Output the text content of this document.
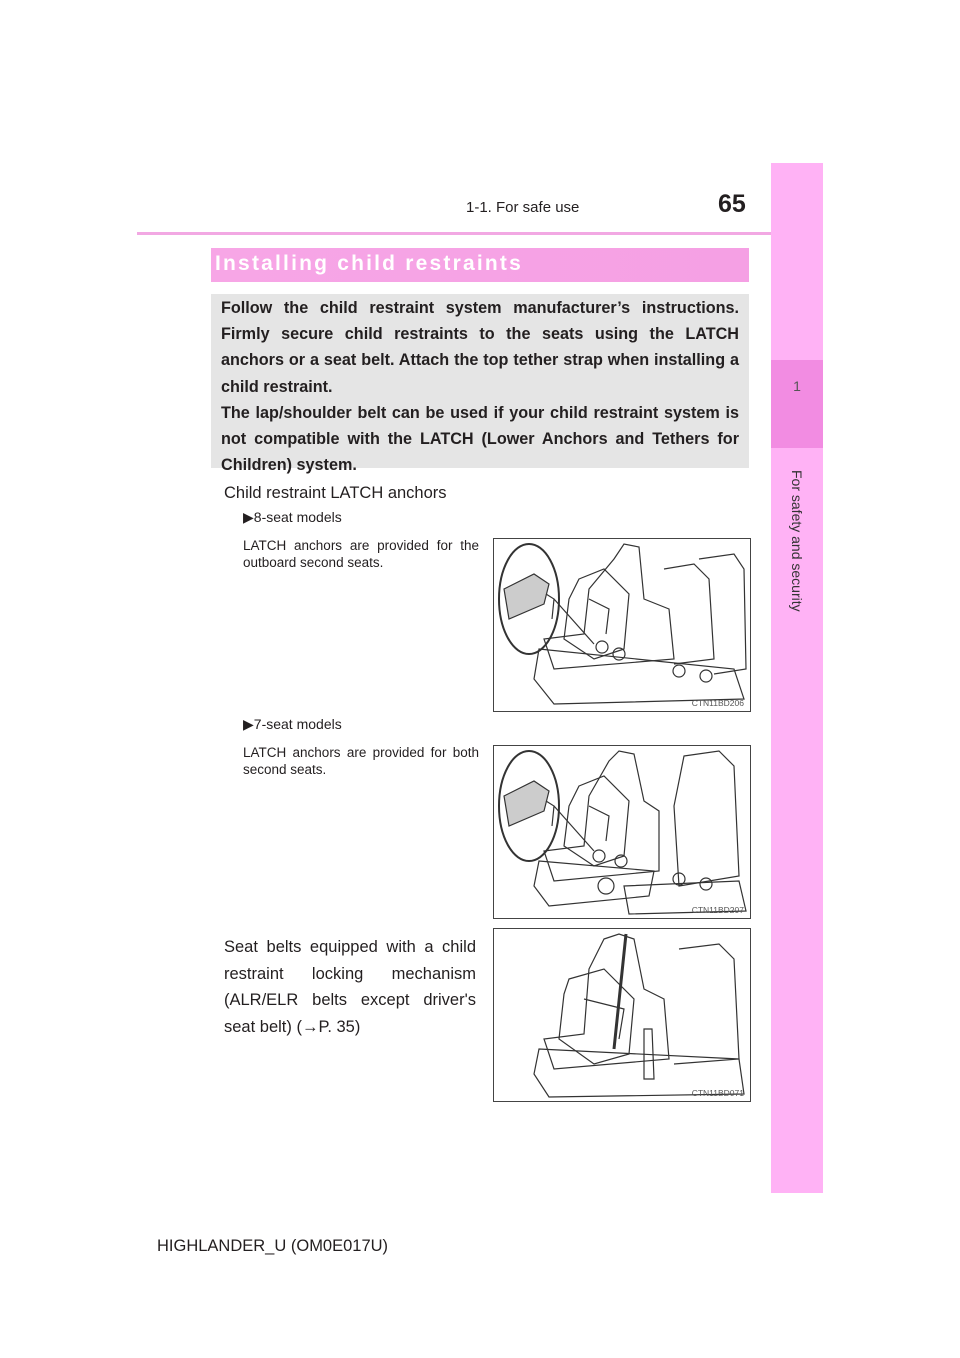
1-1. For safe use	65
1
For safety and security
Installing child restraints

Follow the child restraint system manufacturer’s instructions. Firmly secure child restraints to the seats using the LATCH anchors or a seat belt. Attach the top tether strap when installing a child restraint.

The lap/shoulder belt can be used if your child restraint system is not compatible with the LATCH (Lower Anchors and Tethers for Children) system.

Child restraint LATCH anchors
▶8-seat models
LATCH anchors are provided for the outboard second seats.
CTN11BD206
▶7-seat models
LATCH anchors are provided for both second seats.
CTN11BD207
Seat belts equipped with a child restraint locking mechanism (ALR/ELR belts except driver's seat belt) (→P. 35)
CTN11BD071
HIGHLANDER_U (OM0E017U)
